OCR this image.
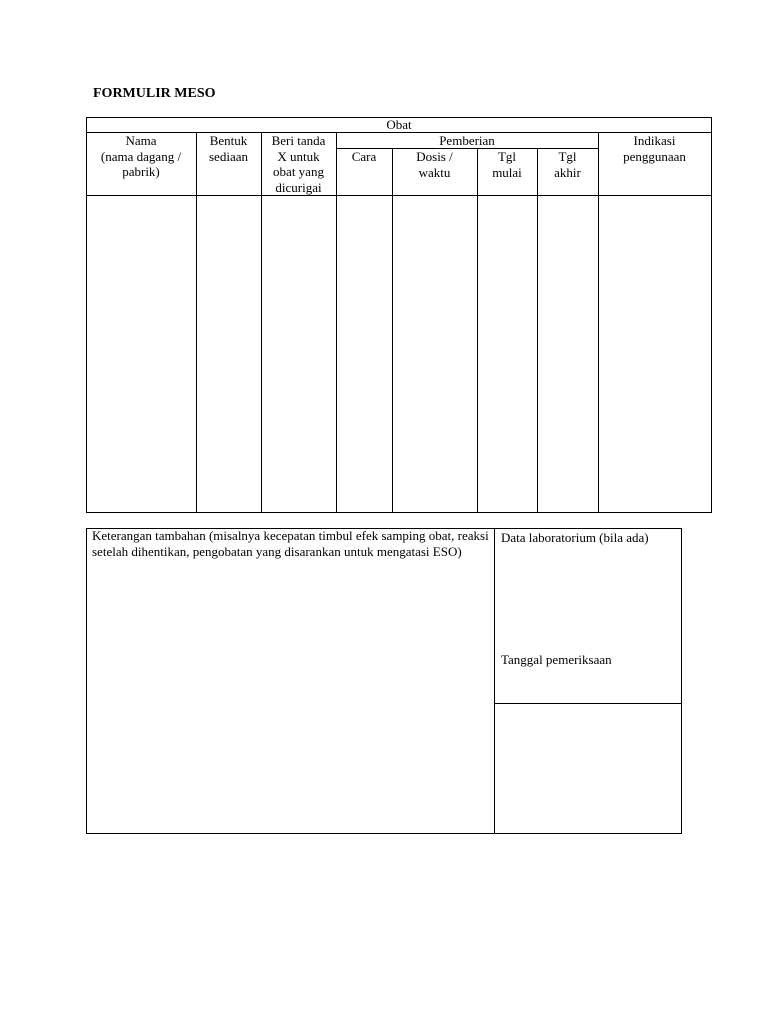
FORMULIR MESO
Obat
Nama
(nama dagang /
pabrik)
Bentuk
sediaan
Beri tanda
X untuk
obat yang
dicurigai
Pemberian
Cara	Dosis /
waktu
Tgl
mulai
Tgl
akhir
Indikasi
penggunaan
Keterangan tambahan (misalnya kecepatan timbul efek samping obat, reaksi setelah dihentikan, pengobatan yang disarankan untuk mengatasi ESO)
Data laboratorium (bila ada)
Tanggal pemeriksaan
